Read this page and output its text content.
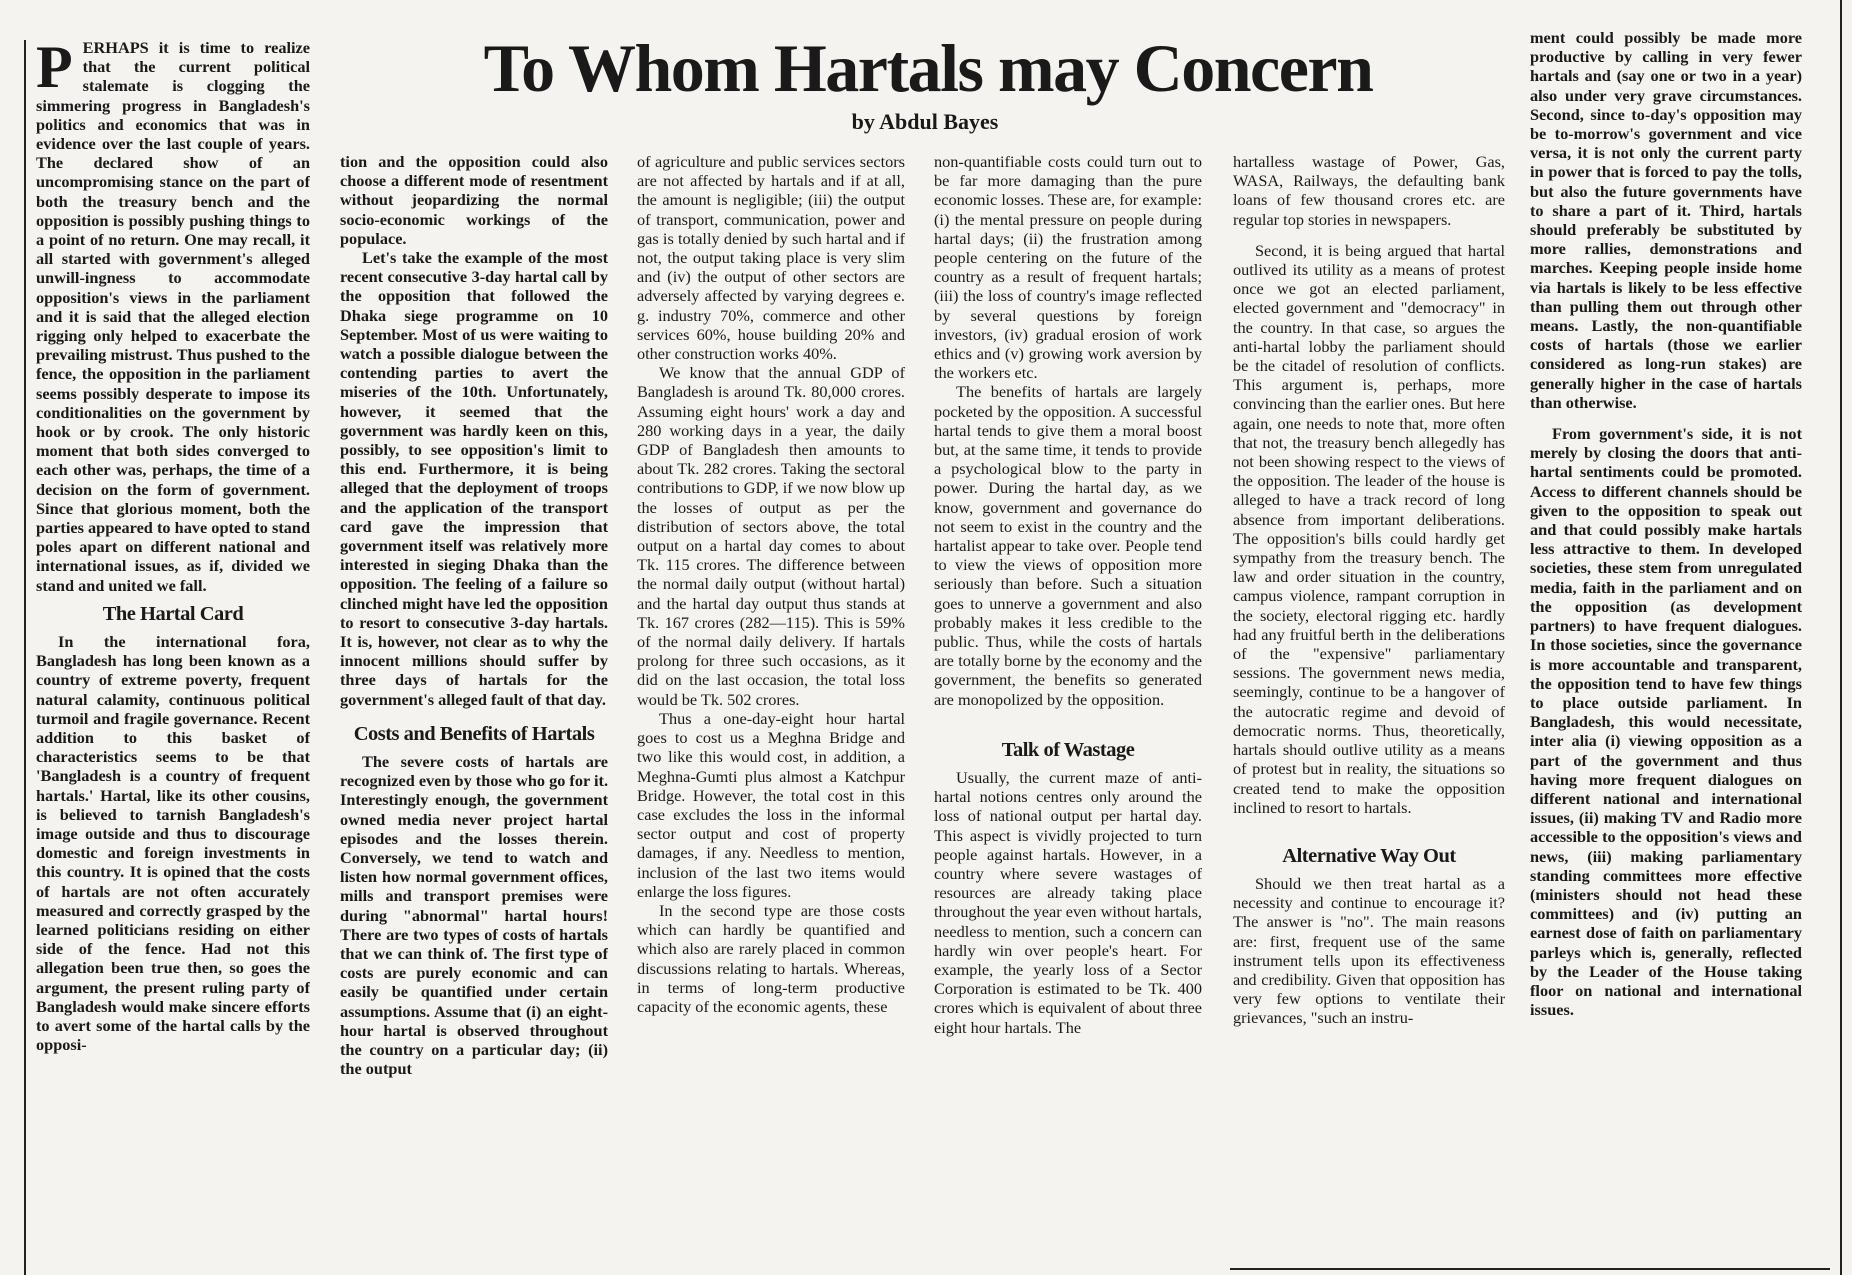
To Whom Hartals may Concern
by Abdul Bayes

PERHAPS it is time to realize that the current political stalemate is clogging the simmering progress in Bangladesh's politics and economics that was in evidence over the last couple of years. The declared show of an uncompromising stance on the part of both the treasury bench and the opposition is possibly pushing things to a point of no return. One may recall, it all started with government's alleged unwill-ingness to accommodate opposition's views in the parliament and it is said that the alleged election rigging only helped to exacerbate the prevailing mistrust. Thus pushed to the fence, the opposition in the parliament seems possibly desperate to impose its conditionalities on the government by hook or by crook. The only historic moment that both sides converged to each other was, perhaps, the time of a decision on the form of government. Since that glorious moment, both the parties appeared to have opted to stand poles apart on different national and international issues, as if, divided we stand and united we fall.

The Hartal Card

In the international fora, Bangladesh has long been known as a country of extreme poverty, frequent natural calamity, continuous political turmoil and fragile governance. Recent addition to this basket of characteristics seems to be that 'Bangladesh is a country of frequent hartals.' Hartal, like its other cousins, is believed to tarnish Bangladesh's image outside and thus to discourage domestic and foreign investments in this country. It is opined that the costs of hartals are not often accurately measured and correctly grasped by the learned politicians residing on either side of the fence. Had not this allegation been true then, so goes the argument, the present ruling party of Bangladesh would make sincere efforts to avert some of the hartal calls by the opposi-

tion and the opposition could also choose a different mode of resentment without jeopardizing the normal socio-economic workings of the populace.

Let's take the example of the most recent consecutive 3-day hartal call by the opposition that followed the Dhaka siege programme on 10 September. Most of us were waiting to watch a possible dialogue between the contending parties to avert the miseries of the 10th. Unfortunately, however, it seemed that the government was hardly keen on this, possibly, to see opposition's limit to this end. Furthermore, it is being alleged that the deployment of troops and the application of the transport card gave the impression that government itself was relatively more interested in sieging Dhaka than the opposition. The feeling of a failure so clinched might have led the opposition to resort to consecutive 3-day hartals. It is, however, not clear as to why the innocent millions should suffer by three days of hartals for the government's alleged fault of that day.

Costs and Benefits of Hartals

The severe costs of hartals are recognized even by those who go for it. Interestingly enough, the government owned media never project hartal episodes and the losses therein. Conversely, we tend to watch and listen how normal government offices, mills and transport premises were during "abnormal" hartal hours! There are two types of costs of hartals that we can think of. The first type of costs are purely economic and can easily be quantified under certain assumptions. Assume that (i) an eight-hour hartal is observed throughout the country on a particular day; (ii) the output

of agriculture and public services sectors are not affected by hartals and if at all, the amount is negligible; (iii) the output of transport, communication, power and gas is totally denied by such hartal and if not, the output taking place is very slim and (iv) the output of other sectors are adversely affected by varying degrees e. g. industry 70%, commerce and other services 60%, house building 20% and other construction works 40%.

We know that the annual GDP of Bangladesh is around Tk. 80,000 crores. Assuming eight hours' work a day and 280 working days in a year, the daily GDP of Bangladesh then amounts to about Tk. 282 crores. Taking the sectoral contributions to GDP, if we now blow up the losses of output as per the distribution of sectors above, the total output on a hartal day comes to about Tk. 115 crores. The difference between the normal daily output (without hartal) and the hartal day output thus stands at Tk. 167 crores (282—115). This is 59% of the normal daily delivery. If hartals prolong for three such occasions, as it did on the last occasion, the total loss would be Tk. 502 crores.

Thus a one-day-eight hour hartal goes to cost us a Meghna Bridge and two like this would cost, in addition, a Meghna-Gumti plus almost a Katchpur Bridge. However, the total cost in this case excludes the loss in the informal sector output and cost of property damages, if any. Needless to mention, inclusion of the last two items would enlarge the loss figures.

In the second type are those costs which can hardly be quantified and which also are rarely placed in common discussions relating to hartals. Whereas, in terms of long-term productive capacity of the economic agents, these

non-quantifiable costs could turn out to be far more damaging than the pure economic losses. These are, for example: (i) the mental pressure on people during hartal days; (ii) the frustration among people centering on the future of the country as a result of frequent hartals; (iii) the loss of country's image reflected by several questions by foreign investors, (iv) gradual erosion of work ethics and (v) growing work aversion by the workers etc.

The benefits of hartals are largely pocketed by the opposition. A successful hartal tends to give them a moral boost but, at the same time, it tends to provide a psychological blow to the party in power. During the hartal day, as we know, government and governance do not seem to exist in the country and the hartalist appear to take over. People tend to view the views of opposition more seriously than before. Such a situation goes to unnerve a government and also probably makes it less credible to the public. Thus, while the costs of hartals are totally borne by the economy and the government, the benefits so generated are monopolized by the opposition.

Talk of Wastage

Usually, the current maze of anti-hartal notions centres only around the loss of national output per hartal day. This aspect is vividly projected to turn people against hartals. However, in a country where severe wastages of resources are already taking place throughout the year even without hartals, needless to mention, such a concern can hardly win over people's heart. For example, the yearly loss of a Sector Corporation is estimated to be Tk. 400 crores which is equivalent of about three eight hour hartals. The

hartalless wastage of Power, Gas, WASA, Railways, the defaulting bank loans of few thousand crores etc. are regular top stories in newspapers.

Second, it is being argued that hartal outlived its utility as a means of protest once we got an elected parliament, elected government and "democracy" in the country. In that case, so argues the anti-hartal lobby the parliament should be the citadel of resolution of conflicts. This argument is, perhaps, more convincing than the earlier ones. But here again, one needs to note that, more often that not, the treasury bench allegedly has not been showing respect to the views of the opposition. The leader of the house is alleged to have a track record of long absence from important deliberations. The opposition's bills could hardly get sympathy from the treasury bench. The law and order situation in the country, campus violence, rampant corruption in the society, electoral rigging etc. hardly had any fruitful berth in the deliberations of the "expensive" parliamentary sessions. The government news media, seemingly, continue to be a hangover of the autocratic regime and devoid of democratic norms. Thus, theoretically, hartals should outlive utility as a means of protest but in reality, the situations so created tend to make the opposition inclined to resort to hartals.

Alternative Way Out

Should we then treat hartal as a necessity and continue to encourage it? The answer is "no". The main reasons are: first, frequent use of the same instrument tells upon its effectiveness and credibility. Given that opposition has very few options to ventilate their grievances, "such an instru-

ment could possibly be made more productive by calling in very fewer hartals and (say one or two in a year) also under very grave circumstances. Second, since to-day's opposition may be to-morrow's government and vice versa, it is not only the current party in power that is forced to pay the tolls, but also the future governments have to share a part of it. Third, hartals should preferably be substituted by more rallies, demonstrations and marches. Keeping people inside home via hartals is likely to be less effective than pulling them out through other means. Lastly, the non-quantifiable costs of hartals (those we earlier considered as long-run stakes) are generally higher in the case of hartals than otherwise.

From government's side, it is not merely by closing the doors that anti-hartal sentiments could be promoted. Access to different channels should be given to the opposition to speak out and that could possibly make hartals less attractive to them. In developed societies, these stem from unregulated media, faith in the parliament and on the opposition (as development partners) to have frequent dialogues. In those societies, since the governance is more accountable and transparent, the opposition tend to have few things to place outside parliament. In Bangladesh, this would necessitate, inter alia (i) viewing opposition as a part of the government and thus having more frequent dialogues on different national and international issues, (ii) making TV and Radio more accessible to the opposition's views and news, (iii) making parliamentary standing committees more effective (ministers should not head these committees) and (iv) putting an earnest dose of faith on parliamentary parleys which is, generally, reflected by the Leader of the House taking floor on national and international issues.
